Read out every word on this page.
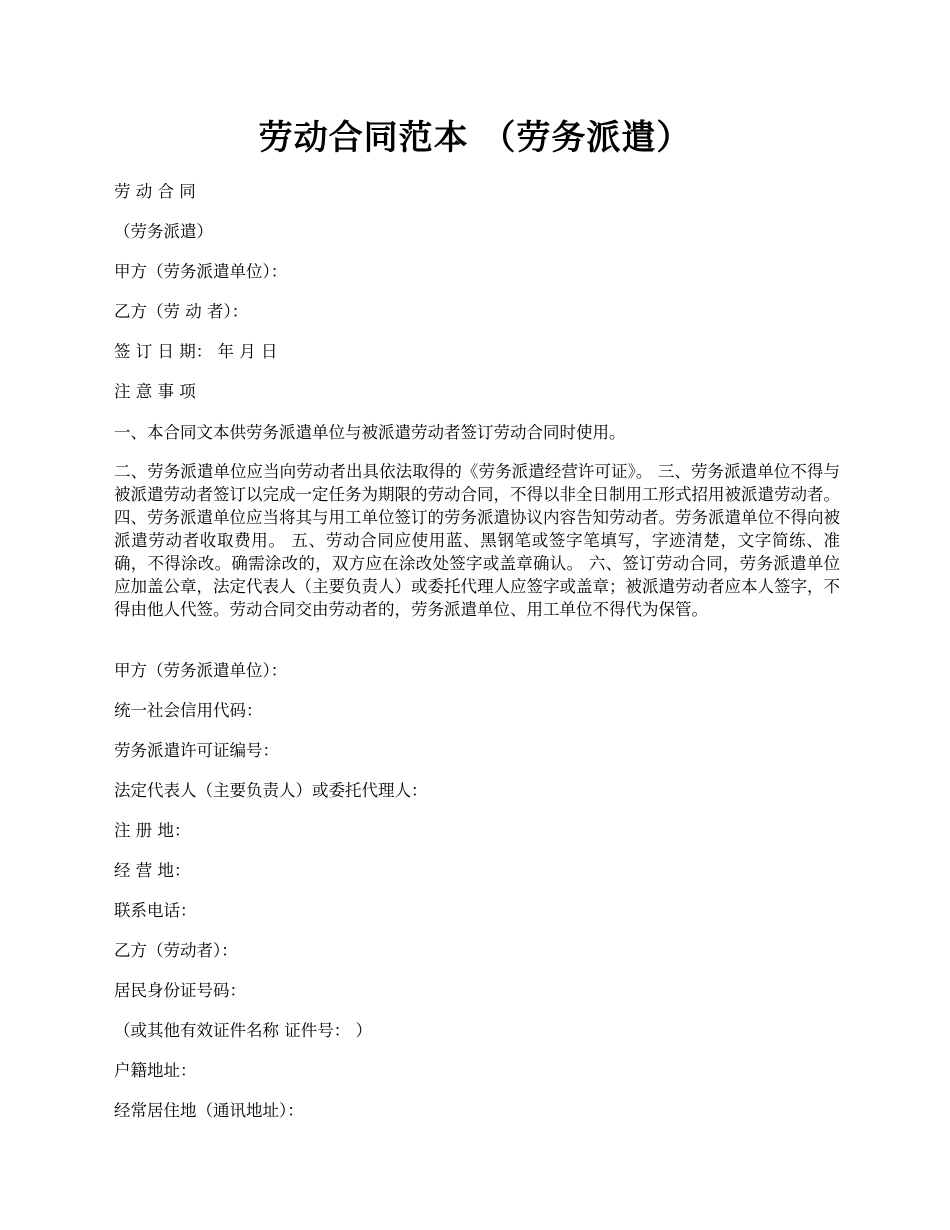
劳动合同范本 （劳务派遣）

劳 动 合 同

（劳务派遣）

甲方（劳务派遣单位）：

乙方（劳 动 者）：

签 订 日 期： 年 月 日

注 意 事 项

一、本合同文本供劳务派遣单位与被派遣劳动者签订劳动合同时使用。

二、劳务派遣单位应当向劳动者出具依法取得的《劳务派遣经营许可证》。 三、劳务派遣单位不得与被派遣劳动者签订以完成一定任务为期限的劳动合同，不得以非全日制用工形式招用被派遣劳动者。 四、劳务派遣单位应当将其与用工单位签订的劳务派遣协议内容告知劳动者。劳务派遣单位不得向被派遣劳动者收取费用。 五、劳动合同应使用蓝、黑钢笔或签字笔填写，字迹清楚，文字简练、准确，不得涂改。确需涂改的，双方应在涂改处签字或盖章确认。 六、签订劳动合同，劳务派遣单位应加盖公章，法定代表人（主要负责人）或委托代理人应签字或盖章；被派遣劳动者应本人签字，不得由他人代签。劳动合同交由劳动者的，劳务派遣单位、用工单位不得代为保管。

甲方（劳务派遣单位）：

统一社会信用代码：

劳务派遣许可证编号：

法定代表人（主要负责人）或委托代理人：

注 册 地：

经 营 地：

联系电话：

乙方（劳动者）：

居民身份证号码：

（或其他有效证件名称 证件号： ）

户籍地址：

经常居住地（通讯地址）：
